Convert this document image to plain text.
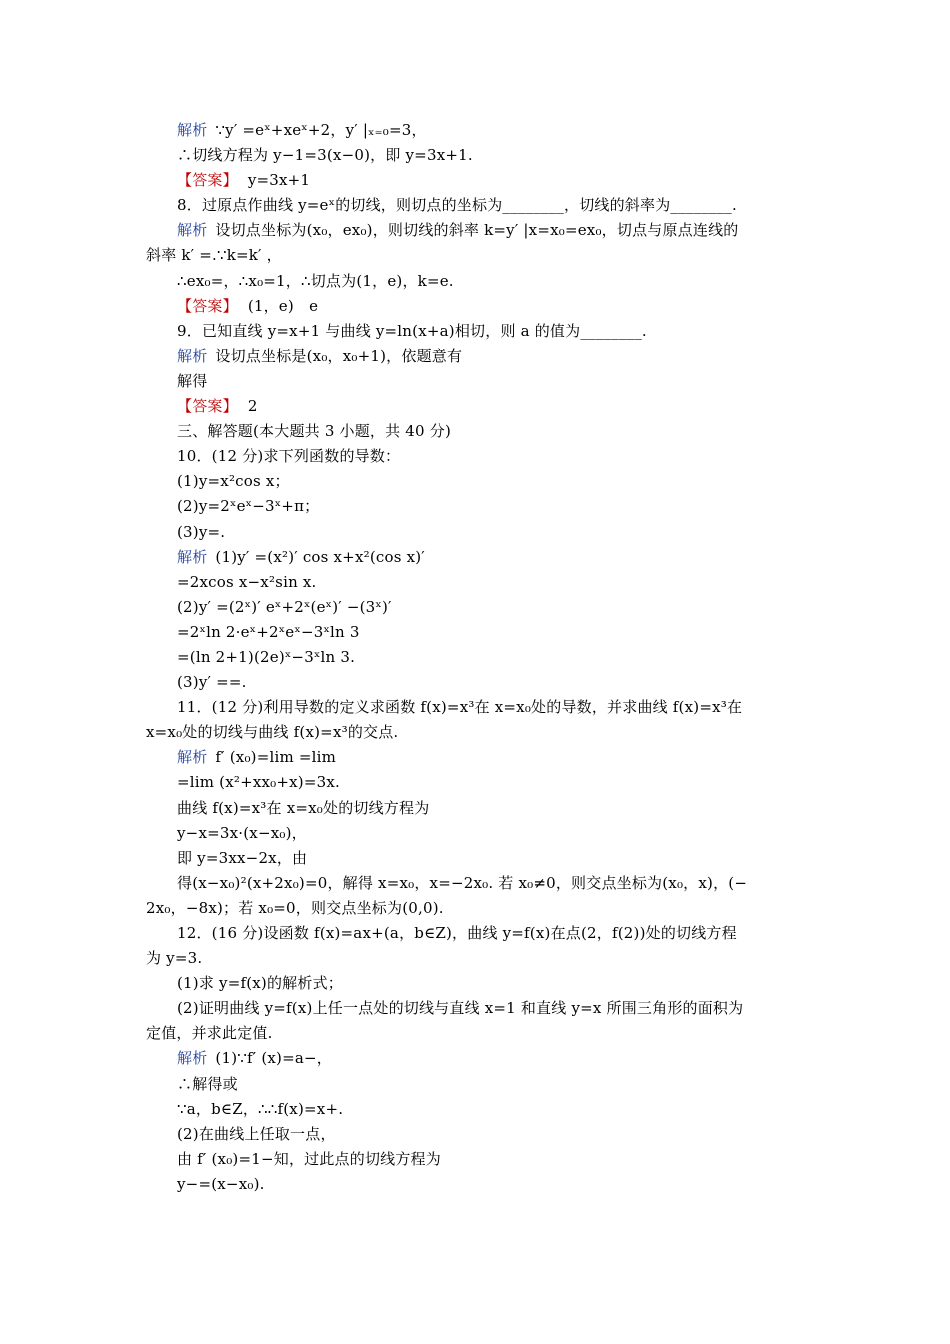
解析 ∵y′ =eˣ+xeˣ+2，y′ |ₓ₌₀=3，
∴切线方程为 y−1=3(x−0)，即 y=3x+1.
【答案】 y=3x+1
8．过原点作曲线 y=eˣ的切线，则切点的坐标为________，切线的斜率为________.
解析 设切点坐标为(x₀，ex₀)，则切线的斜率 k=y′ |x=x₀=ex₀，切点与原点连线的
斜率 k′ =.∵k=k′ ，
∴ex₀=，∴x₀=1，∴切点为(1，e)，k=e.
【答案】 (1，e)　e
9．已知直线 y=x+1 与曲线 y=ln(x+a)相切，则 a 的值为________.
解析 设切点坐标是(x₀，x₀+1)，依题意有
解得
【答案】 2
三、解答题(本大题共 3 小题，共 40 分)
10．(12 分)求下列函数的导数：
(1)y=x²cos x；
(2)y=2ˣeˣ−3ˣ+π；
(3)y=.
解析 (1)y′ =(x²)′ cos x+x²(cos x)′
=2xcos x−x²sin x.
(2)y′ =(2ˣ)′ eˣ+2ˣ(eˣ)′ −(3ˣ)′
=2ˣln 2·eˣ+2ˣeˣ−3ˣln 3
=(ln 2+1)(2e)ˣ−3ˣln 3.
(3)y′ ==.
11．(12 分)利用导数的定义求函数 f(x)=x³在 x=x₀处的导数，并求曲线 f(x)=x³在
x=x₀处的切线与曲线 f(x)=x³的交点.
解析 f′ (x₀)=lim =lim
=lim (x²+xx₀+x)=3x.
曲线 f(x)=x³在 x=x₀处的切线方程为
y−x=3x·(x−x₀)，
即 y=3xx−2x，由
得(x−x₀)²(x+2x₀)=0，解得 x=x₀，x=−2x₀. 若 x₀≠0，则交点坐标为(x₀，x)，(−
2x₀，−8x)；若 x₀=0，则交点坐标为(0,0).
12．(16 分)设函数 f(x)=ax+(a，b∈Z)，曲线 y=f(x)在点(2，f(2))处的切线方程
为 y=3.
(1)求 y=f(x)的解析式；
(2)证明曲线 y=f(x)上任一点处的切线与直线 x=1 和直线 y=x 所围三角形的面积为
定值，并求此定值.
解析 (1)∵f′ (x)=a−，
∴解得或
∵a，b∈Z，∴∴f(x)=x+.
(2)在曲线上任取一点，
由 f′ (x₀)=1−知，过此点的切线方程为
y−=(x−x₀).
